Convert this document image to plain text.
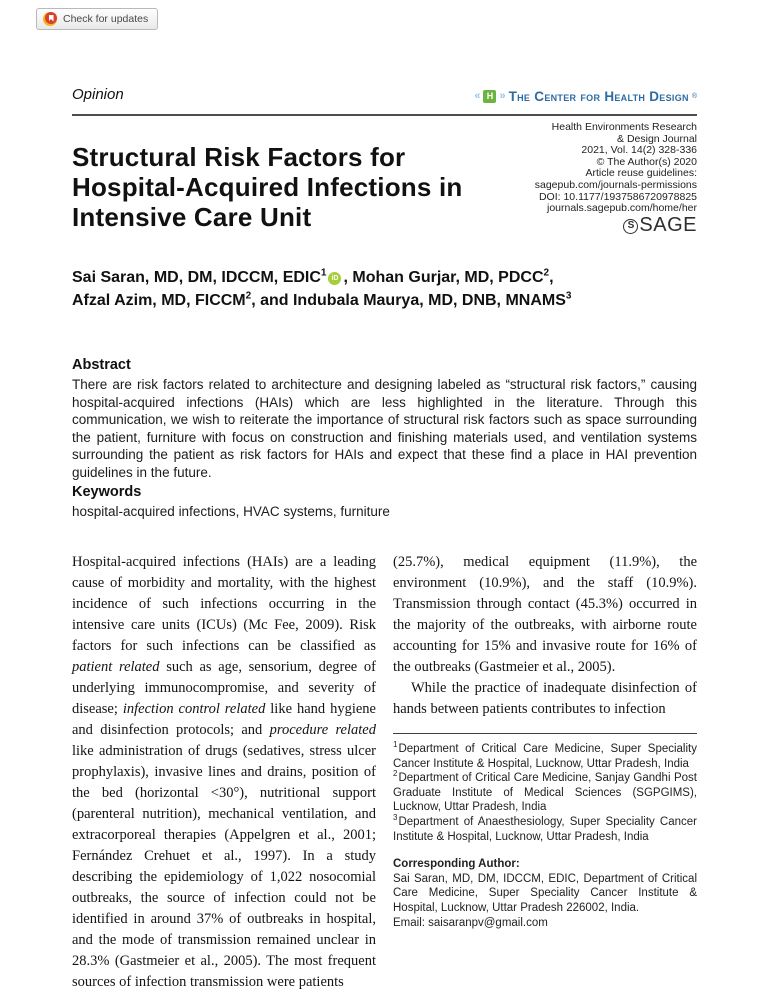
Check for updates
Opinion	« H » The Center for Health Design ®
Structural Risk Factors for
Hospital-Acquired Infections in
Intensive Care Unit
Health Environments Research
& Design Journal
2021, Vol. 14(2) 328-336
© The Author(s) 2020
Article reuse guidelines:
sagepub.com/journals-permissions
DOI: 10.1177/1937586720978825
journals.sagepub.com/home/her
S SAGE
Sai Saran, MD, DM, IDCCM, EDIC$^1$ iD , Mohan Gurjar, MD, PDCC$^2$,
Afzal Azim, MD, FICCM$^2$, and Indubala Maurya, MD, DNB, MNAMS$^3$
Abstract
There are risk factors related to architecture and designing labeled as “structural risk factors,” causing hospital-acquired infections (HAIs) which are less highlighted in the literature. Through this communication, we wish to reiterate the importance of structural risk factors such as space surrounding the patient, furniture with focus on construction and finishing materials used, and ventilation systems surrounding the patient as risk factors for HAIs and expect that these find a place in HAI prevention guidelines in the future.
Keywords
hospital-acquired infections, HVAC systems, furniture

Hospital-acquired infections (HAIs) are a leading cause of morbidity and mortality, with the highest incidence of such infections occurring in the intensive care units (ICUs) (Mc Fee, 2009). Risk factors for such infections can be classified as patient related such as age, sensorium, degree of underlying immunocompromise, and severity of disease; infection control related like hand hygiene and disinfection protocols; and procedure related like administration of drugs (sedatives, stress ulcer prophylaxis), invasive lines and drains, position of the bed (horizontal <30°), nutritional support (parenteral nutrition), mechanical ventilation, and extracorporeal therapies (Appelgren et al., 2001; Fernández Crehuet et al., 1997). In a study describing the epidemiology of 1,022 nosocomial outbreaks, the source of infection could not be identified in around 37% of outbreaks in hospital, and the mode of transmission remained unclear in 28.3% (Gastmeier et al., 2005). The most frequent sources of infection transmission were patients

(25.7%), medical equipment (11.9%), the environment (10.9%), and the staff (10.9%). Transmission through contact (45.3%) occurred in the majority of the outbreaks, with airborne route accounting for 15% and invasive route for 16% of the outbreaks (Gastmeier et al., 2005).

While the practice of inadequate disinfection of hands between patients contributes to infection

$^1$Department of Critical Care Medicine, Super Speciality Cancer Institute & Hospital, Lucknow, Uttar Pradesh, India
$^2$Department of Critical Care Medicine, Sanjay Gandhi Post Graduate Institute of Medical Sciences (SGPGIMS), Lucknow, Uttar Pradesh, India
$^3$Department of Anaesthesiology, Super Speciality Cancer Institute & Hospital, Lucknow, Uttar Pradesh, India
Corresponding Author:
Sai Saran, MD, DM, IDCCM, EDIC, Department of Critical Care Medicine, Super Speciality Cancer Institute & Hospital, Lucknow, Uttar Pradesh 226002, India.
Email: saisaranpv@gmail.com
